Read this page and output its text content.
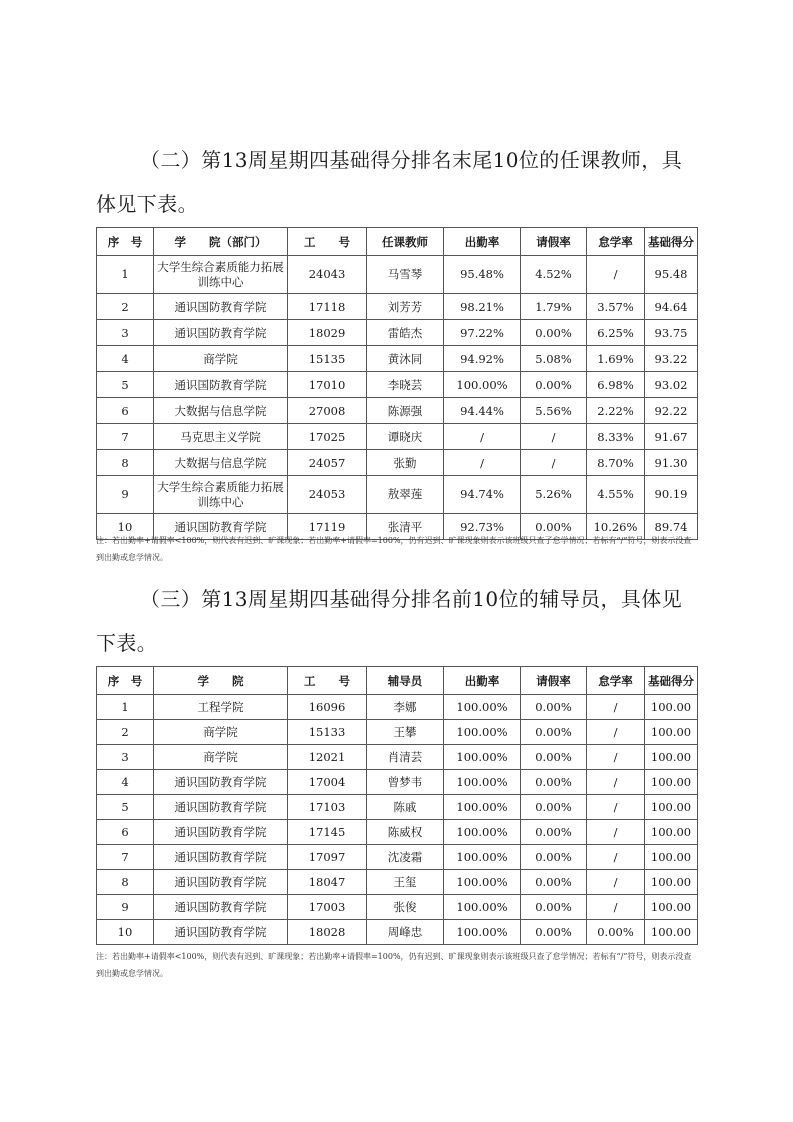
（二）第13周星期四基础得分排名末尾10位的任课教师，具体见下表。

序　号	学　　院（部门）	工　　号	任课教师	出勤率	请假率	怠学率	基础得分
1	大学生综合素质能力拓展训练中心	24043	马雪琴	95.48%	4.52%	/	95.48
2	通识国防教育学院	17118	刘芳芳	98.21%	1.79%	3.57%	94.64
3	通识国防教育学院	18029	雷皓杰	97.22%	0.00%	6.25%	93.75
4	商学院	15135	黄沐同	94.92%	5.08%	1.69%	93.22
5	通识国防教育学院	17010	李晓芸	100.00%	0.00%	6.98%	93.02
6	大数据与信息学院	27008	陈源强	94.44%	5.56%	2.22%	92.22
7	马克思主义学院	17025	谭晓庆	/	/	8.33%	91.67
8	大数据与信息学院	24057	张勤	/	/	8.70%	91.30
9	大学生综合素质能力拓展训练中心	24053	敖翠莲	94.74%	5.26%	4.55%	90.19
10	通识国防教育学院	17119	张清平	92.73%	0.00%	10.26%	89.74

注：若出勤率+请假率<100%，则代表有迟到、旷课现象；若出勤率+请假率=100%，仍有迟到、旷课现象则表示该班级只查了怠学情况；若标有“/”符号，则表示没查到出勤或怠学情况。

（三）第13周星期四基础得分排名前10位的辅导员，具体见下表。

序　号	学　　院	工　　号	辅导员	出勤率	请假率	怠学率	基础得分
1	工程学院	16096	李娜	100.00%	0.00%	/	100.00
2	商学院	15133	王攀	100.00%	0.00%	/	100.00
3	商学院	12021	肖清芸	100.00%	0.00%	/	100.00
4	通识国防教育学院	17004	曾梦韦	100.00%	0.00%	/	100.00
5	通识国防教育学院	17103	陈戚	100.00%	0.00%	/	100.00
6	通识国防教育学院	17145	陈威权	100.00%	0.00%	/	100.00
7	通识国防教育学院	17097	沈凌霜	100.00%	0.00%	/	100.00
8	通识国防教育学院	18047	王玺	100.00%	0.00%	/	100.00
9	通识国防教育学院	17003	张俊	100.00%	0.00%	/	100.00
10	通识国防教育学院	18028	周峰忠	100.00%	0.00%	0.00%	100.00

注：若出勤率+请假率<100%，则代表有迟到、旷课现象；若出勤率+请假率=100%，仍有迟到、旷课现象则表示该班级只查了怠学情况；若标有“/”符号，则表示没查到出勤或怠学情况。
